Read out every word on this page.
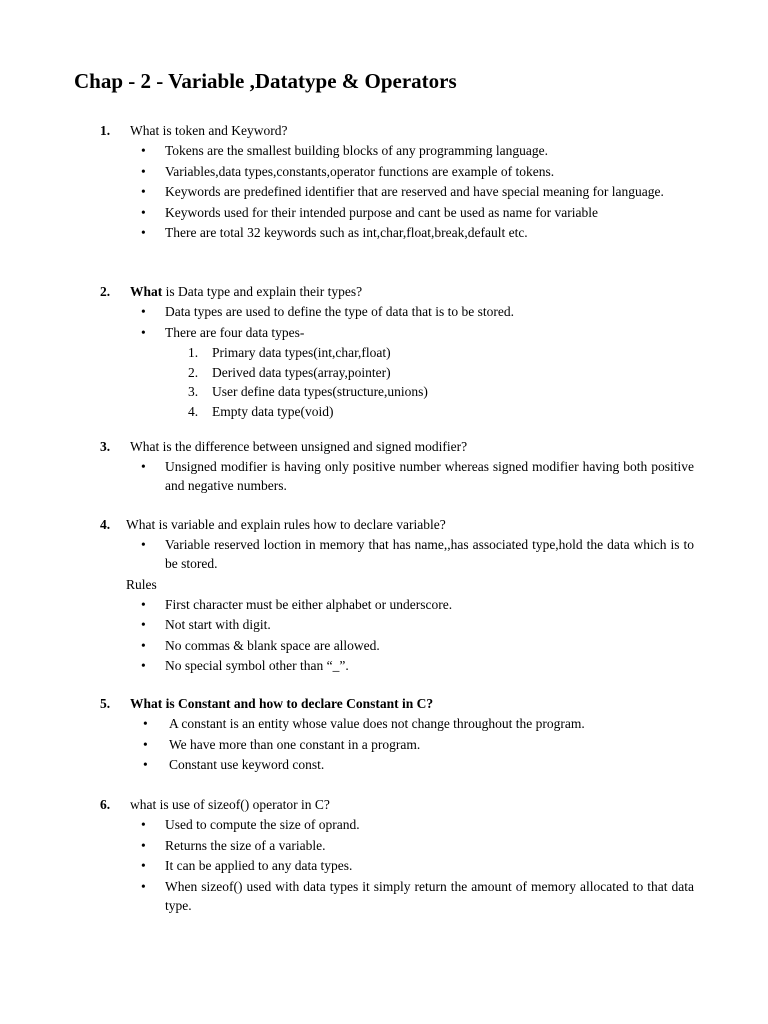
Chap - 2 - Variable ,Datatype & Operators
1. What is token and Keyword?
• Tokens are the smallest building blocks of any programming language.
• Variables,data types,constants,operator functions are example of tokens.
• Keywords are predefined identifier that are reserved and have special meaning for language.
• Keywords used for their intended purpose and cant be used as name for variable
• There are total 32 keywords such as int,char,float,break,default etc.
2. What is Data type and explain their types?
• Data types are used to define the type of data that is to be stored.
• There are four data types-
1. Primary data types(int,char,float)
2. Derived data types(array,pointer)
3. User define data types(structure,unions)
4. Empty data type(void)
3. What is the difference between unsigned and signed modifier?
• Unsigned modifier is having only positive number whereas signed modifier having both positive and negative numbers.
4. What is variable and explain rules how to declare variable?
• Variable reserved loction in memory that has name,,has associated type,hold the data which is to be stored.
Rules
• First character must be either alphabet or underscore.
• Not start with digit.
• No commas & blank space are allowed.
• No special symbol other than “_”.
5. What is Constant and how to declare Constant in C?
• A constant is an entity whose value does not change throughout the program.
• We have more than one constant in a program.
• Constant use keyword const.
6. what is use of sizeof() operator in C?
• Used to compute the size of oprand.
• Returns the size of a variable.
• It can be applied to any data types.
• When sizeof() used with data types it simply return the amount of memory allocated to that data type.
